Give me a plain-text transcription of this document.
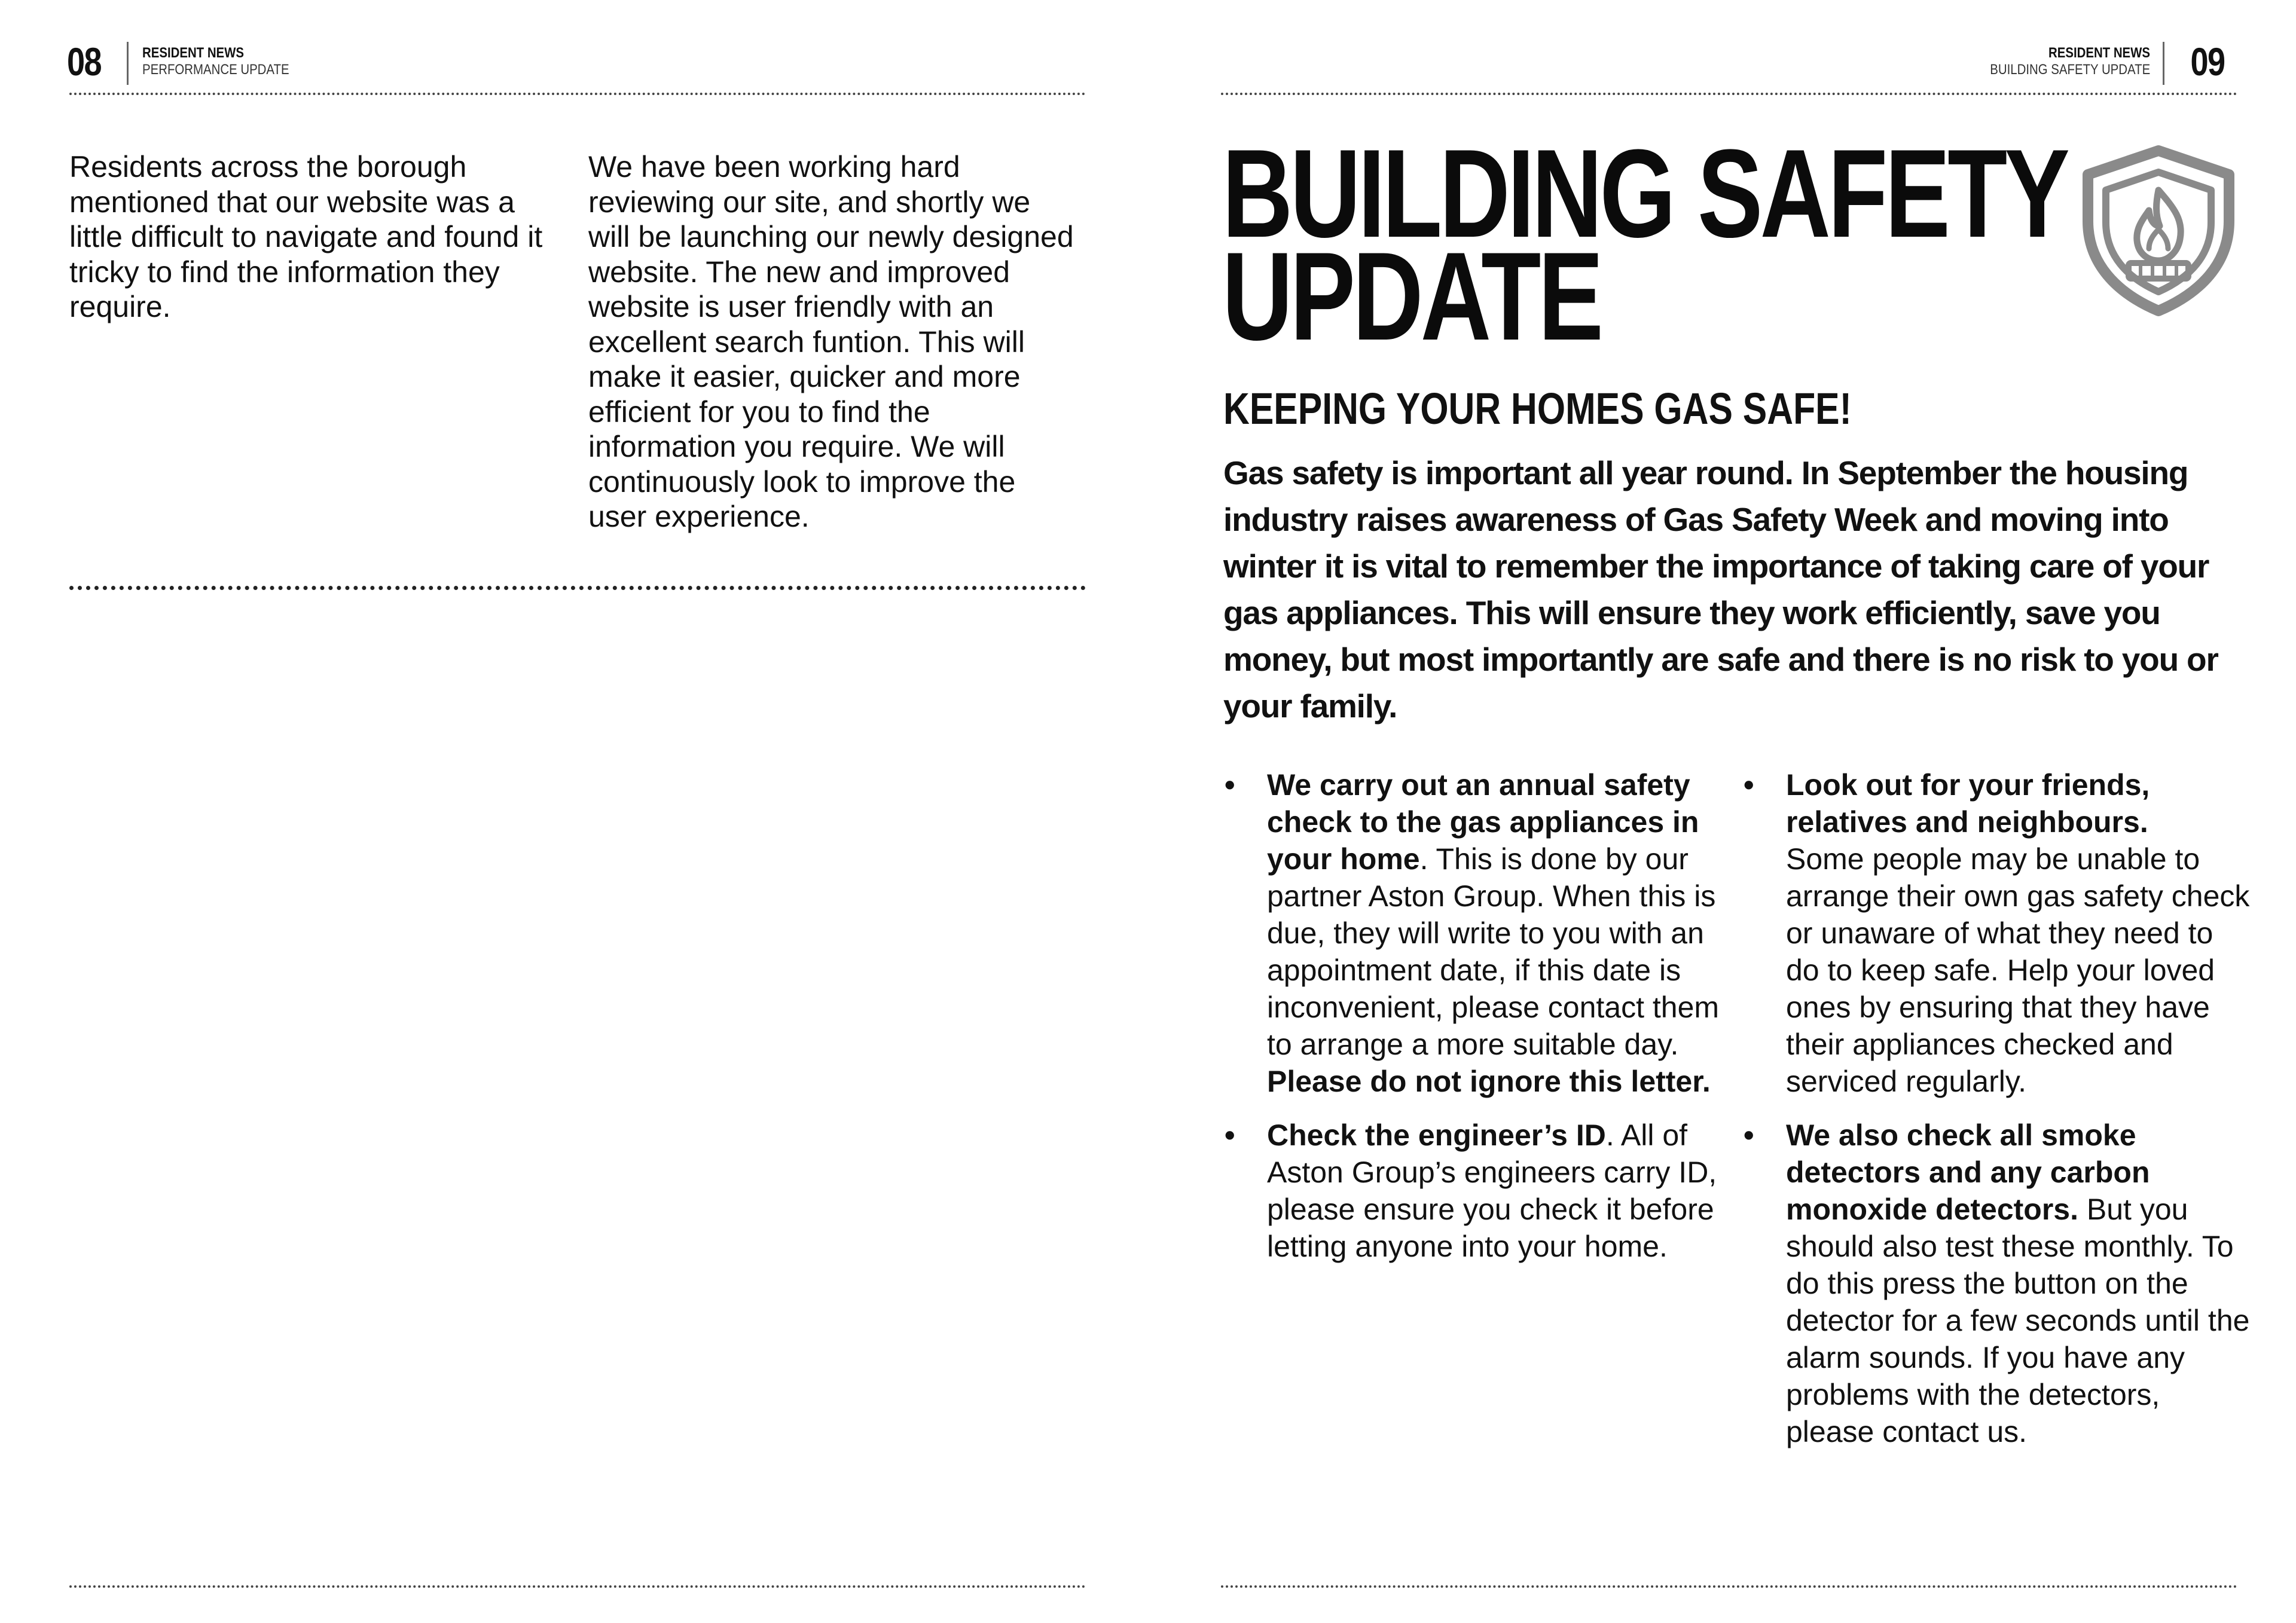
08	RESIDENT NEWS
PERFORMANCE UPDATE

Residents across the borough mentioned that our website was a little difficult to navigate and found it tricky to find the information they require.

We have been working hard reviewing our site, and shortly we will be launching our newly designed website. The new and improved website is user friendly with an excellent search funtion. This will make it easier, quicker and more efficient for you to find the information you require. We will continuously look to improve the user experience.

RESIDENT NEWS
BUILDING SAFETY UPDATE 09
BUILDING SAFETY
UPDATE
KEEPING YOUR HOMES GAS SAFE!
Gas safety is important all year round. In September the housing industry raises awareness of Gas Safety Week and moving into winter it is vital to remember the importance of taking care of your gas appliances. This will ensure they work efficiently, save you money, but most importantly are safe and there is no risk to you or your family.
• We carry out an annual safety check to the gas appliances in your home. This is done by our partner Aston Group. When this is due, they will write to you with an appointment date, if this date is inconvenient, please contact them to arrange a more suitable day.
Please do not ignore this letter.
• Check the engineer’s ID. All of Aston Group’s engineers carry ID, please ensure you check it before letting anyone into your home.
• Look out for your friends, relatives and neighbours.
Some people may be unable to arrange their own gas safety check or unaware of what they need to do to keep safe. Help your loved ones by ensuring that they have their appliances checked and serviced regularly.
• We also check all smoke detectors and any carbon monoxide detectors. But you should also test these monthly. To do this press the button on the detector for a few seconds until the alarm sounds. If you have any problems with the detectors, please contact us.
